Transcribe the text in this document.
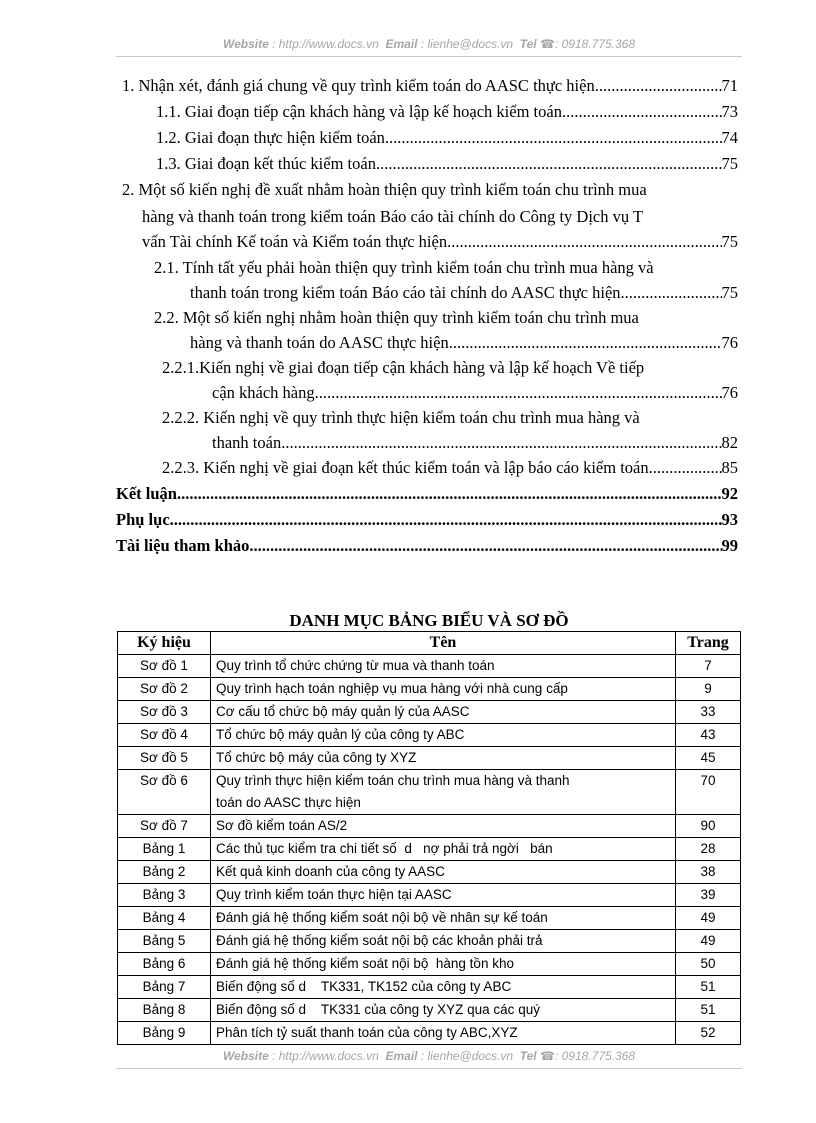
Website : http://www.docs.vn Email : lienhe@docs.vn Tel ☎: 0918.775.368
1. Nhận xét, đánh giá chung về quy trình kiểm toán do AASC thực hiện .....	71
1.1. Giai đoạn tiếp cận khách hàng và lập kế hoạch kiểm toán .....	73
1.2. Giai đoạn thực hiện kiểm toán .....	74
1.3. Giai đoạn kết thúc kiểm toán .....	75
2. Một số kiến nghị đề xuất nhằm hoàn thiện quy trình kiểm toán chu trình mua
hàng và thanh toán trong kiểm toán Báo cáo tài chính do Công ty Dịch vụ T
vấn Tài chính Kế toán và Kiểm toán thực hiện .....	75
2.1. Tính tất yếu phải hoàn thiện quy trình kiểm toán chu trình mua hàng và
thanh toán trong kiểm toán Báo cáo tài chính do AASC thực hiện .....	75
2.2. Một số kiến nghị nhằm hoàn thiện quy trình kiểm toán chu trình mua
hàng và thanh toán do AASC thực hiện .....	76
2.2.1.Kiến nghị về giai đoạn tiếp cận khách hàng và lập kế hoạch Về tiếp
cận khách hàng .....	76
2.2.2. Kiến nghị về quy trình thực hiện kiểm toán chu trình mua hàng và
thanh toán .....	82
2.2.3. Kiến nghị về giai đoạn kết thúc kiểm toán và lập báo cáo kiểm toán .....	85
Kết luận .....	92
Phụ lục .....	93
Tài liệu tham khảo .....	99
DANH MỤC BẢNG BIỂU VÀ SƠ ĐỒ
Ký hiệu	Tên	Trang
Sơ đồ 1	Quy trình tổ chức chứng từ mua và thanh toán	7
Sơ đồ 2	Quy trình hạch toán nghiệp vụ mua hàng với nhà cung cấp	9
Sơ đồ 3	Cơ cấu tổ chức bộ máy quản lý của AASC	33
Sơ đồ 4	Tổ chức bộ máy quản lý của công ty ABC	43
Sơ đồ 5	Tổ chức bộ máy của công ty XYZ	45
Sơ đồ 6	Quy trình thực hiện kiểm toán chu trình mua hàng và thanh
toán do AASC thực hiện	70
Sơ đồ 7	Sơ đồ kiểm toán AS/2	90
Bảng 1	Các thủ tục kiểm tra chi tiết số  d   nợ phải trả ngời   bán	28
Bảng 2	Kết quả kinh doanh của công ty AASC	38
Bảng 3	Quy trình kiểm toán thực hiện tại AASC	39
Bảng 4	Đánh giá hệ thống kiểm soát nội bộ về nhân sự kế toán	49
Bảng 5	Đánh giá hệ thống kiểm soát nội bộ các khoản phải trả	49
Bảng 6	Đánh giá hệ thống kiểm soát nội bộ  hàng tồn kho	50
Bảng 7	Biến động số d    TK331, TK152 của công ty ABC	51
Bảng 8	Biến động số d    TK331 của công ty XYZ qua các quý	51
Bảng 9	Phân tích tỷ suất thanh toán của công ty ABC,XYZ	52
Website : http://www.docs.vn Email : lienhe@docs.vn Tel ☎: 0918.775.368
